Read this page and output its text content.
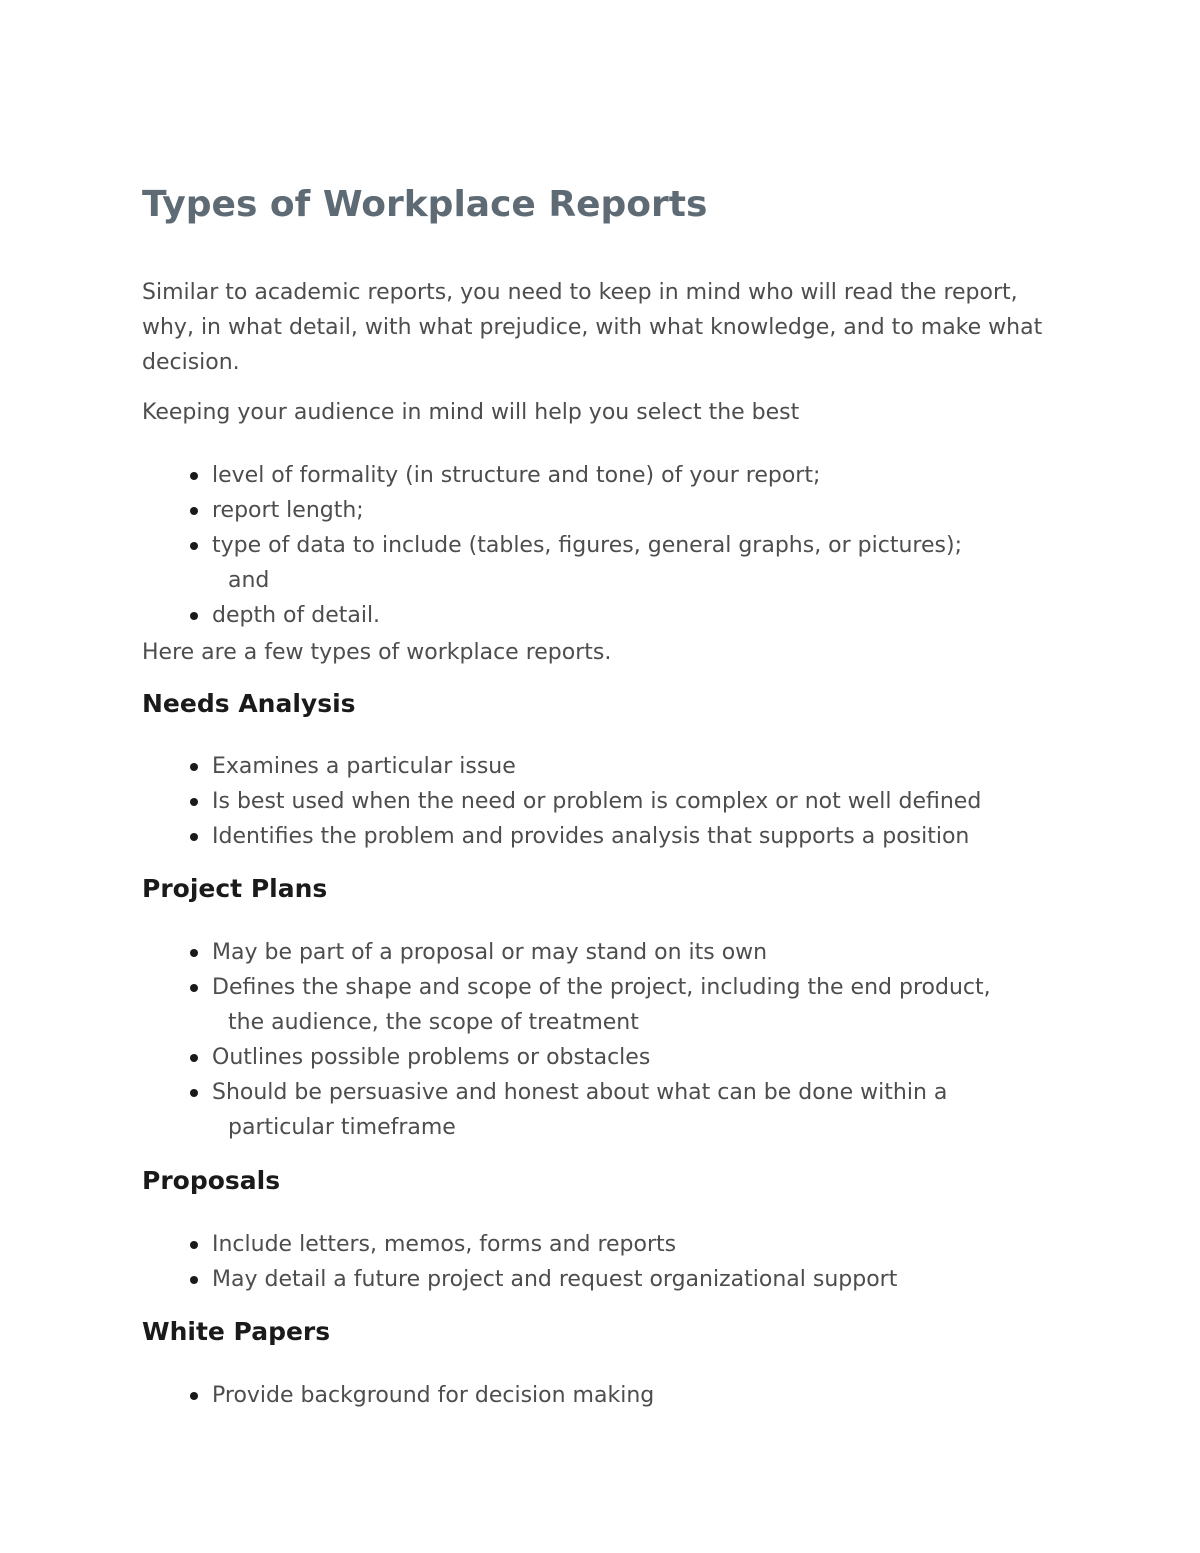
Types of Workplace Reports

Similar to academic reports, you need to keep in mind who will read the report, why, in what detail, with what prejudice, with what knowledge, and to make what decision.

Keeping your audience in mind will help you select the best

level of formality (in structure and tone) of your report;
report length;
type of data to include (tables, figures, general graphs, or pictures);
and
depth of detail.

Here are a few types of workplace reports.

Needs Analysis
Examines a particular issue
Is best used when the need or problem is complex or not well defined
Identifies the problem and provides analysis that supports a position
Project Plans
May be part of a proposal or may stand on its own
Defines the shape and scope of the project, including the end product,
the audience, the scope of treatment
Outlines possible problems or obstacles
Should be persuasive and honest about what can be done within a
particular timeframe
Proposals
Include letters, memos, forms and reports
May detail a future project and request organizational support
White Papers
Provide background for decision making
